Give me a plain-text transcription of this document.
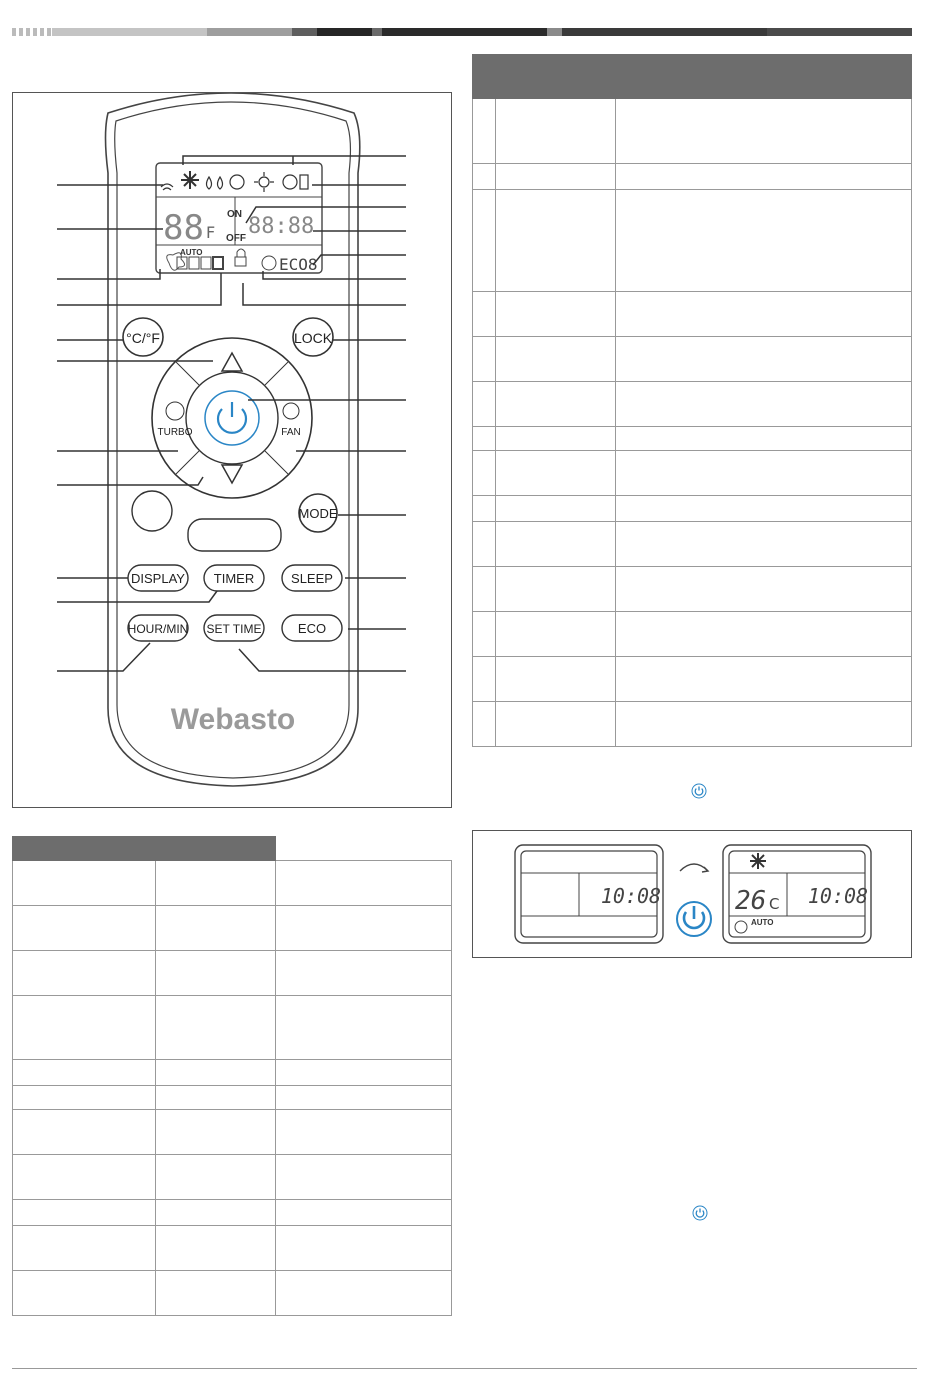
88 F
ON
OFF 88:88
AUTO
ECO8
°C/°F	LOCK
TURBO	FAN
MODE
DISPLAY TIMER	SLEEP
HOUR/MIN SET TIME	ECO
Webasto

10:08	26 C 10:08
AUTO
